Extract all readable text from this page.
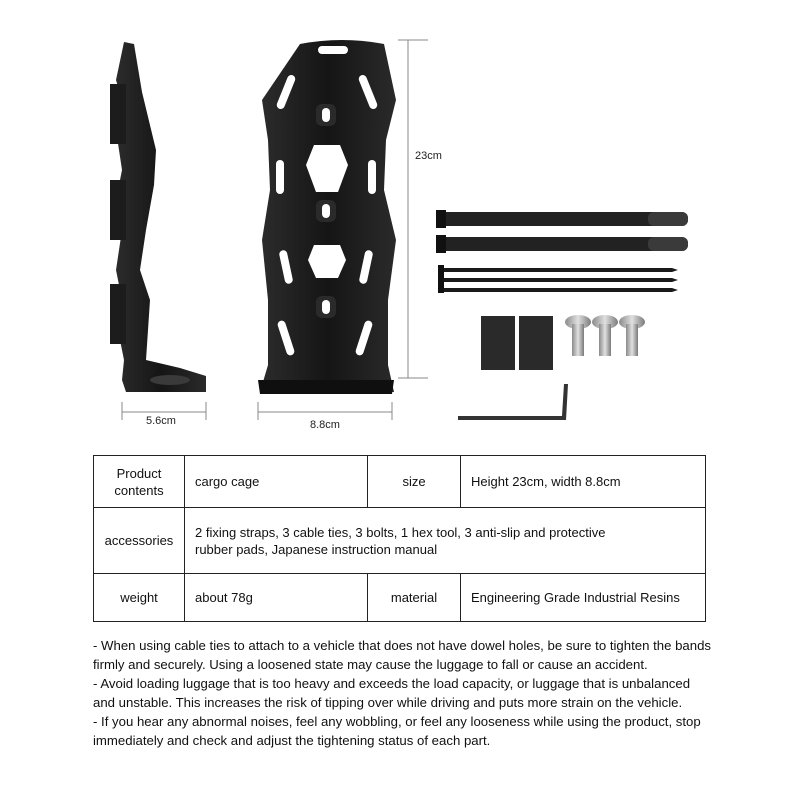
23cm
5.6cm	8.8cm
Product
contents	cargo cage	size	Height 23cm, width 8.8cm
accessories	2 fixing straps, 3 cable ties, 3 bolts, 1 hex tool, 3 anti-slip and protective
rubber pads, Japanese instruction manual		
weight	about 78g	material	Engineering Grade Industrial Resins

- When using cable ties to attach to a vehicle that does not have dowel holes, be sure to tighten the bands firmly and securely. Using a loosened state may cause the luggage to fall or cause an accident.

- Avoid loading luggage that is too heavy and exceeds the load capacity, or luggage that is unbalanced and unstable. This increases the risk of tipping over while driving and puts more strain on the vehicle.

- If you hear any abnormal noises, feel any wobbling, or feel any looseness while using the product, stop immediately and check and adjust the tightening status of each part.
